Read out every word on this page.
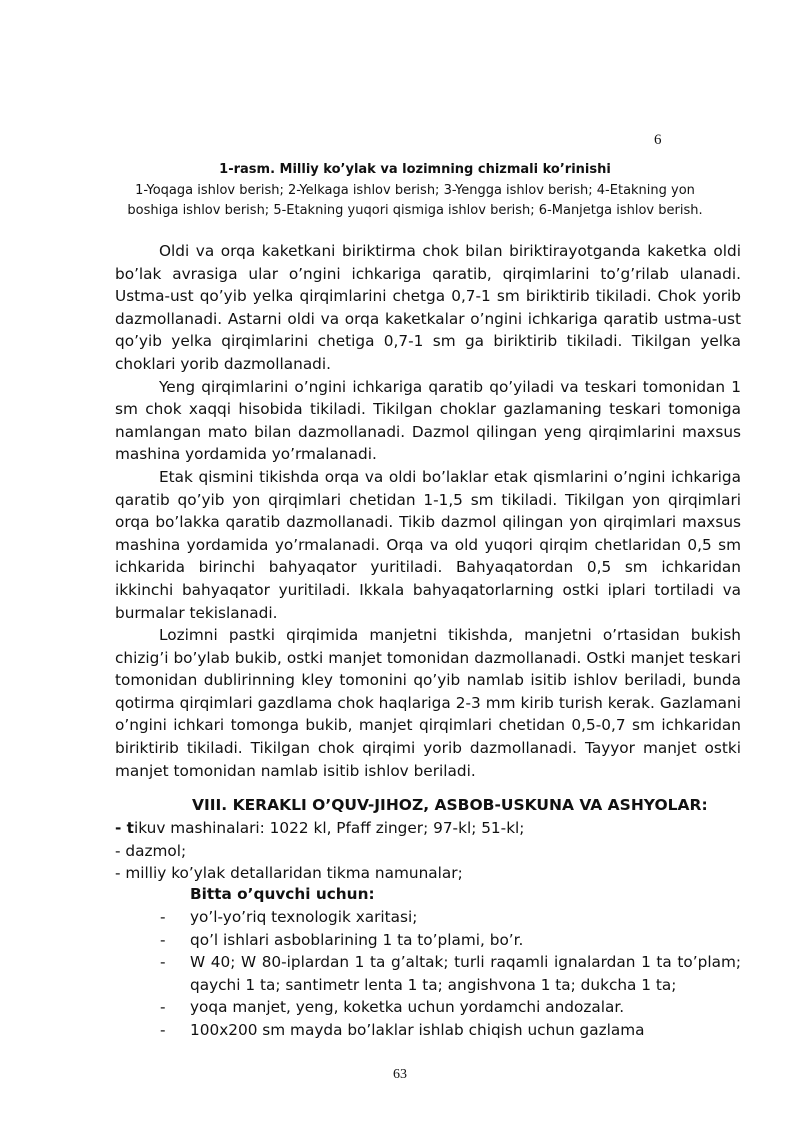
6
1-rasm. Milliy ko’ylak va lozimning chizmali ko’rinishi
1-Yoqaga ishlov berish; 2-Yelkaga ishlov berish; 3-Yengga ishlov berish; 4-Etakning yon boshiga ishlov berish; 5-Etakning yuqori qismiga ishlov berish; 6-Manjetga ishlov berish.

Oldi va orqa kaketkani biriktirma chok bilan biriktirayotganda kaketka oldi bo’lak avrasiga ular o’ngini ichkariga qaratib, qirqimlarini to’g’rilab ulanadi. Ustma-ust qo’yib yelka qirqimlarini chetga 0,7-1 sm biriktirib tikiladi. Chok yorib dazmollanadi. Astarni oldi va orqa kaketkalar o’ngini ichkariga qaratib ustma-ust qo’yib yelka qirqimlarini chetiga 0,7-1 sm ga biriktirib tikiladi. Tikilgan yelka choklari yorib dazmollanadi.

Yeng qirqimlarini o’ngini ichkariga qaratib qo’yiladi va teskari tomonidan 1 sm chok xaqqi hisobida tikiladi. Tikilgan choklar gazlamaning teskari tomoniga namlangan mato bilan dazmollanadi. Dazmol qilingan yeng qirqimlarini maxsus mashina yordamida yo’rmalanadi.

Etak qismini tikishda orqa va oldi bo’laklar etak qismlarini o’ngini ichkariga qaratib qo’yib yon qirqimlari chetidan 1-1,5 sm tikiladi. Tikilgan yon qirqimlari orqa bo’lakka qaratib dazmollanadi. Tikib dazmol qilingan yon qirqimlari maxsus mashina yordamida yo’rmalanadi. Orqa va old yuqori qirqim chetlaridan 0,5 sm ichkarida birinchi bahyaqator yuritiladi. Bahyaqatordan 0,5 sm ichkaridan ikkinchi bahyaqator yuritiladi. Ikkala bahyaqatorlarning ostki iplari tortiladi va burmalar tekislanadi.

Lozimni pastki qirqimida manjetni tikishda, manjetni o’rtasidan bukish chizig’i bo’ylab bukib, ostki manjet tomonidan dazmollanadi. Ostki manjet teskari tomonidan dublirinning kley tomonini qo’yib namlab isitib ishlov beriladi, bunda qotirma qirqimlari gazdlama chok haqlariga 2-3 mm kirib turish kerak. Gazlamani o’ngini ichkari tomonga bukib, manjet qirqimlari chetidan 0,5-0,7 sm ichkaridan biriktirib tikiladi. Tikilgan chok qirqimi yorib dazmollanadi. Tayyor manjet ostki manjet tomonidan namlab isitib ishlov beriladi.

VIII. KERAKLI O’QUV-JIHOZ, ASBOB-USKUNA VA ASHYOLAR:
- tikuv mashinalari: 1022 kl, Pfaff zinger; 97-kl; 51-kl;
- dazmol;
- milliy ko’ylak detallaridan tikma namunalar;
Bitta o’quvchi uchun:
-	yo’l-yo’riq texnologik xaritasi;
-	qo’l ishlari asboblarining 1 ta to’plami, bo’r.
-	W 40; W 80-iplardan 1 ta g’altak; turli raqamli ignalardan 1 ta to’plam; qaychi 1 ta; santimetr lenta 1 ta; angishvona 1 ta; dukcha 1 ta;
-	yoqa manjet, yeng, koketka uchun yordamchi andozalar.
-	100x200 sm mayda bo’laklar ishlab chiqish uchun gazlama
63
